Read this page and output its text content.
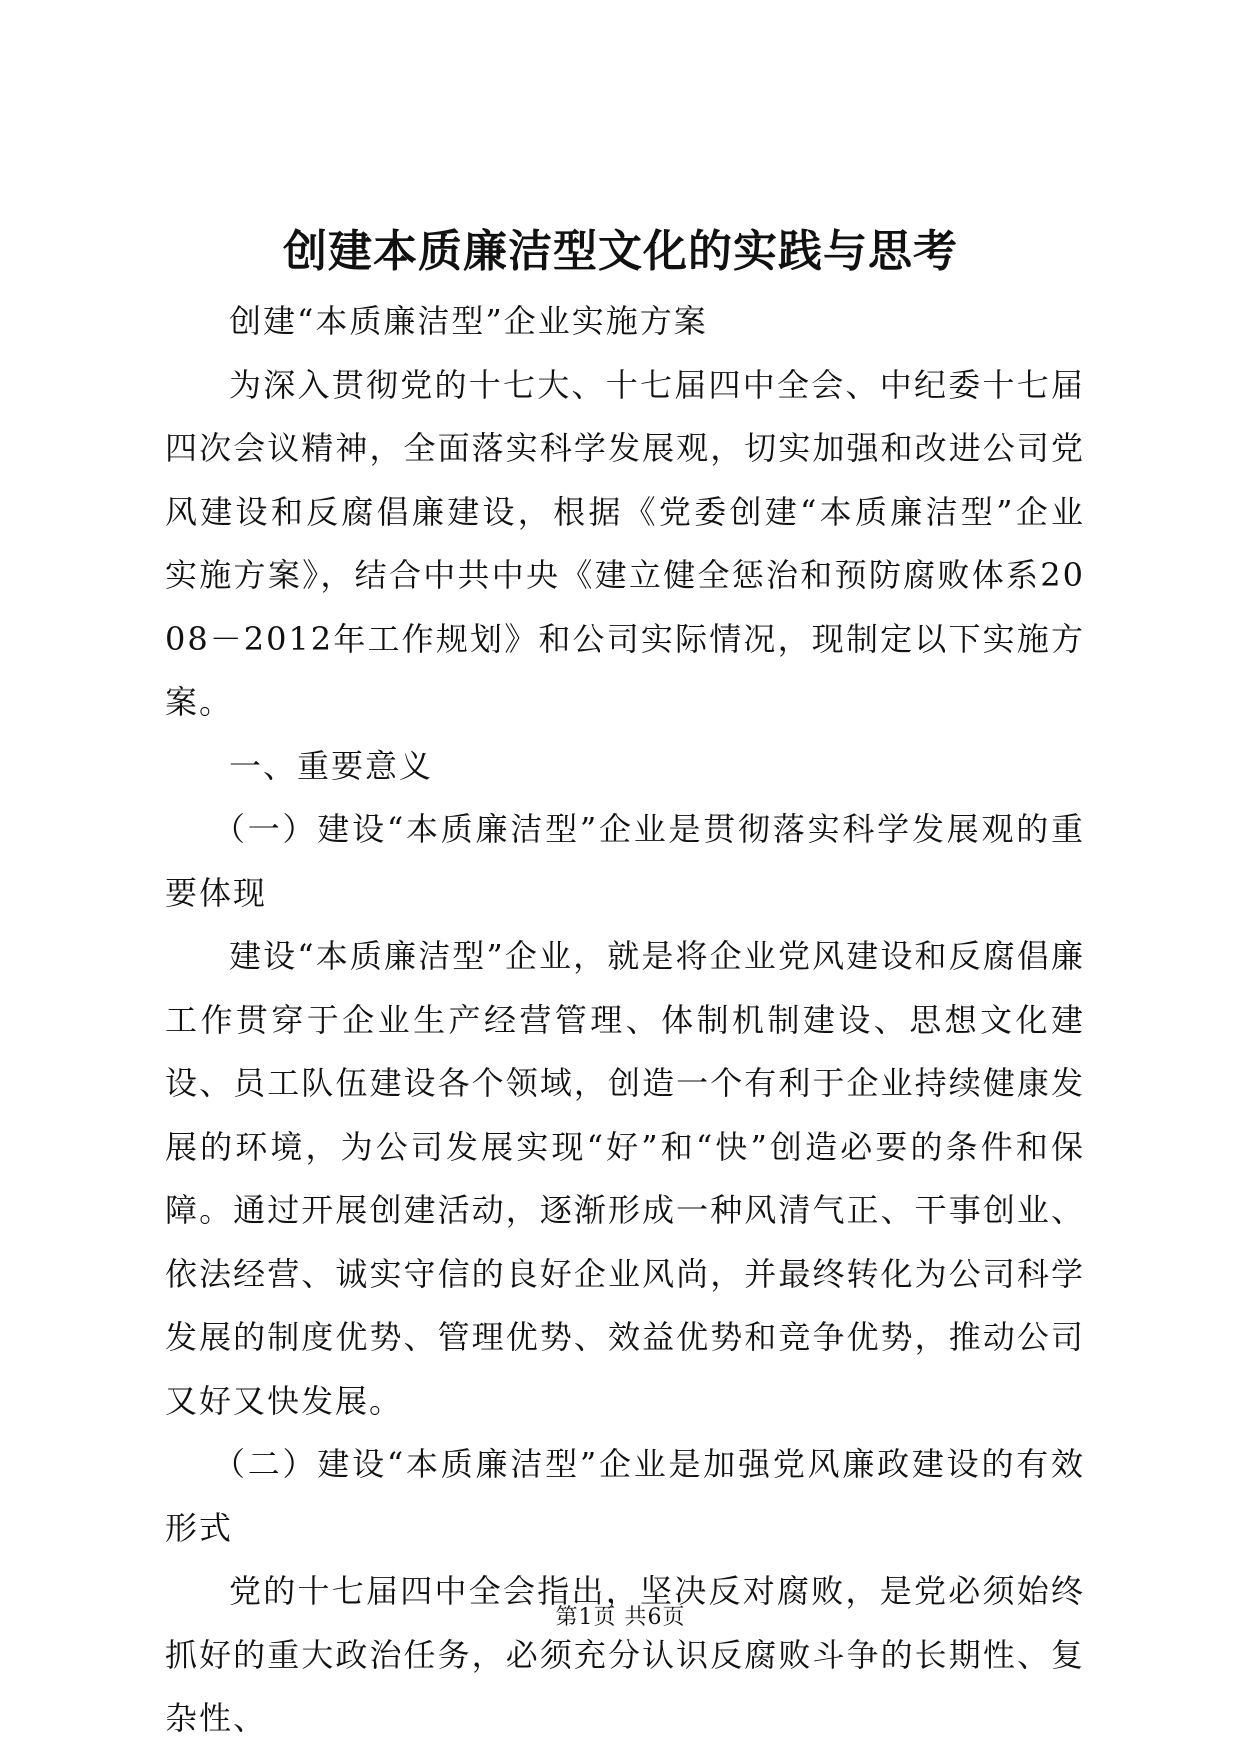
创建本质廉洁型文化的实践与思考

创建“本质廉洁型”企业实施方案

为深入贯彻党的十七大、十七届四中全会、中纪委十七届四次会议精神，全面落实科学发展观，切实加强和改进公司党风建设和反腐倡廉建设，根据《党委创建“本质廉洁型”企业实施方案》，结合中共中央《建立健全惩治和预防腐败体系2008－2012年工作规划》和公司实际情况，现制定以下实施方案。

一、重要意义

（一）建设“本质廉洁型”企业是贯彻落实科学发展观的重要体现

建设“本质廉洁型”企业，就是将企业党风建设和反腐倡廉工作贯穿于企业生产经营管理、体制机制建设、思想文化建设、员工队伍建设各个领域，创造一个有利于企业持续健康发展的环境，为公司发展实现“好”和“快”创造必要的条件和保障。通过开展创建活动，逐渐形成一种风清气正、干事创业、依法经营、诚实守信的良好企业风尚，并最终转化为公司科学发展的制度优势、管理优势、效益优势和竞争优势，推动公司又好又快发展。

（二）建设“本质廉洁型”企业是加强党风廉政建设的有效形式

党的十七届四中全会指出，坚决反对腐败，是党必须始终抓好的重大政治任务，必须充分认识反腐败斗争的长期性、复杂性、

第1页 共6页
